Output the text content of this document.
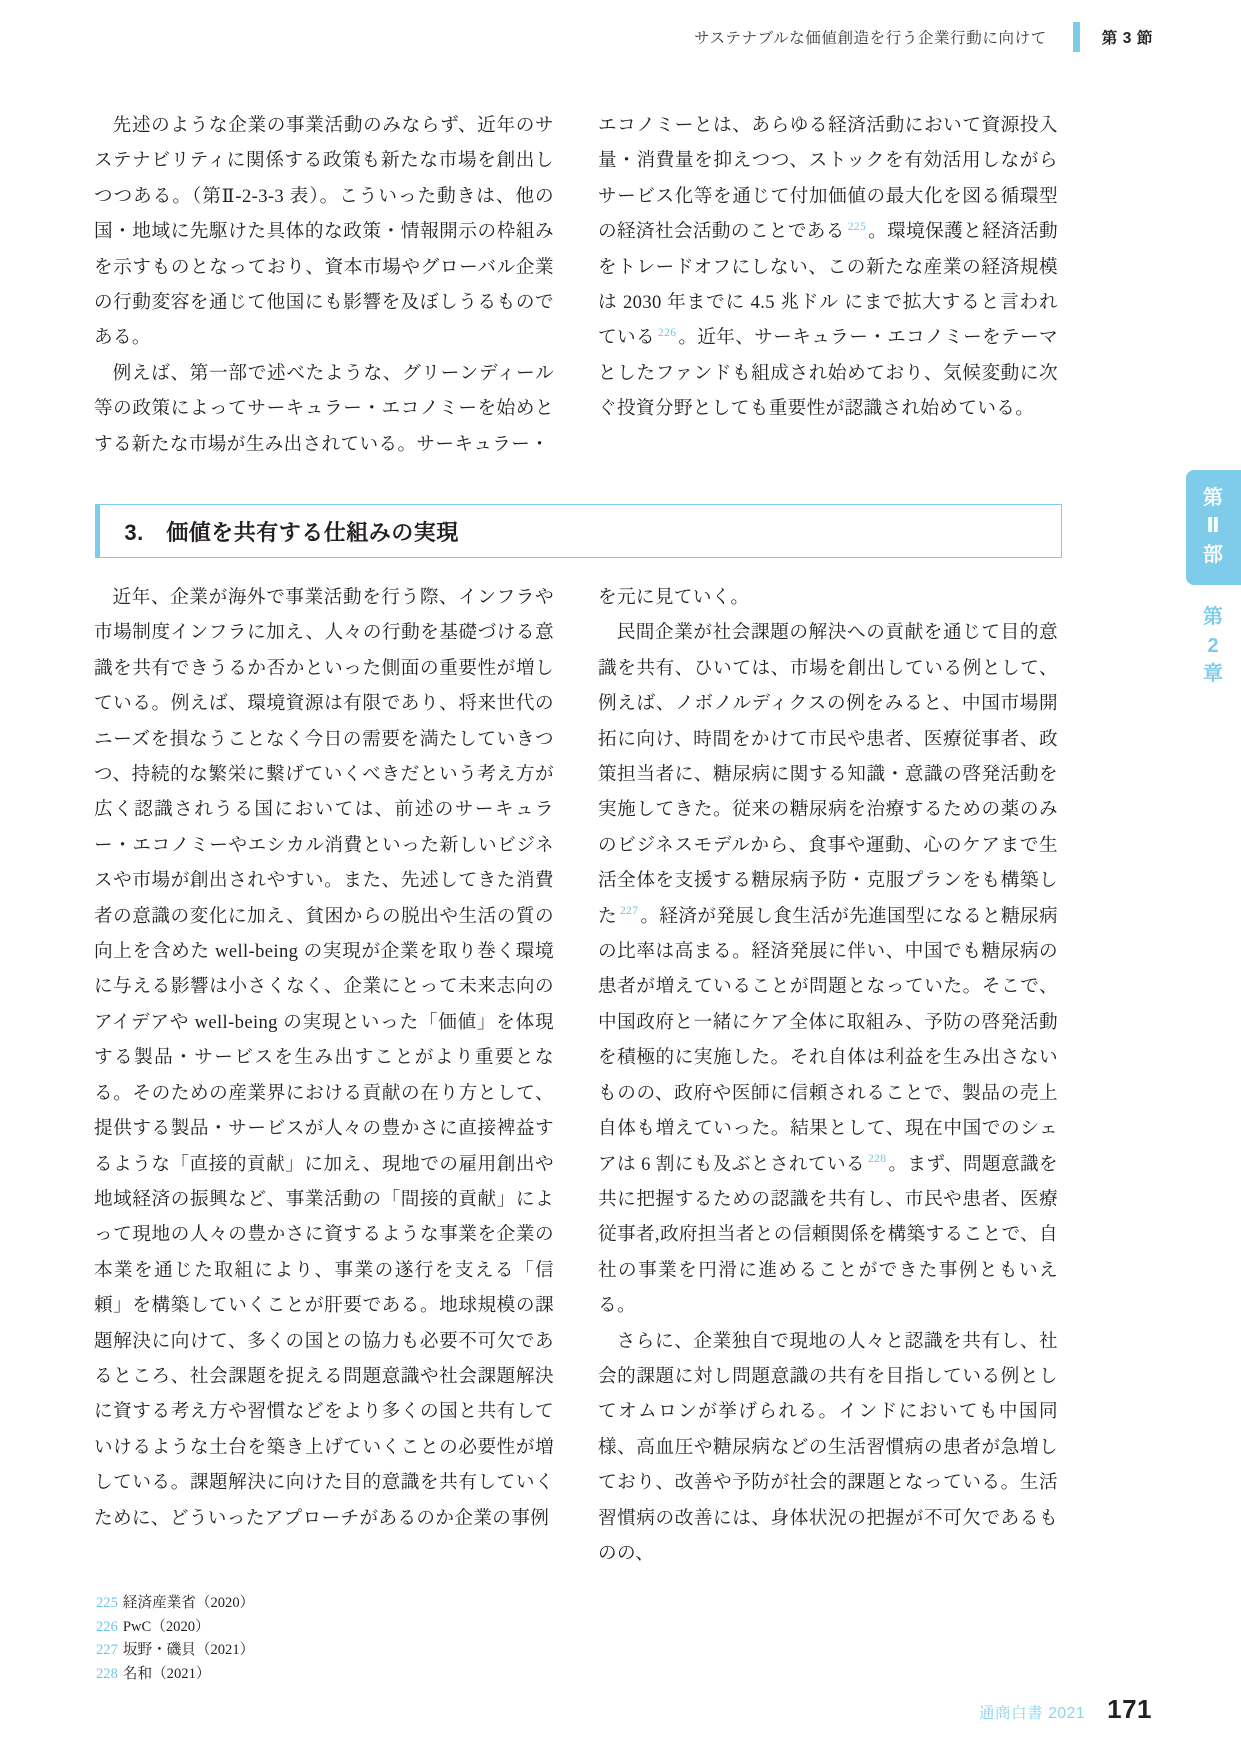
サステナブルな価値創造を行う企業行動に向けて	第 3 節

先述のような企業の事業活動のみならず、近年のサステナビリティに関係する政策も新たな市場を創出しつつある。（第Ⅱ-2-3-3 表）。こういった動きは、他の国・地域に先駆けた具体的な政策・情報開示の枠組みを示すものとなっており、資本市場やグローバル企業の行動変容を通じて他国にも影響を及ぼしうるものである。

例えば、第一部で述べたような、グリーンディール等の政策によってサーキュラー・エコノミーを始めとする新たな市場が生み出されている。サーキュラー・

エコノミーとは、あらゆる経済活動において資源投入量・消費量を抑えつつ、ストックを有効活用しながらサービス化等を通じて付加価値の最大化を図る循環型の経済社会活動のことである $^{225}$ 。環境保護と経済活動をトレードオフにしない、この新たな産業の経済規模は 2030 年までに 4.5 兆ドル にまで拡大すると言われている $^{226}$ 。近年、サーキュラー・エコノミーをテーマとしたファンドも組成され始めており、気候変動に次ぐ投資分野としても重要性が認識され始めている。

3.　価値を共有する仕組みの実現

近年、企業が海外で事業活動を行う際、インフラや市場制度インフラに加え、人々の行動を基礎づける意識を共有できうるか否かといった側面の重要性が増している。例えば、環境資源は有限であり、将来世代のニーズを損なうことなく今日の需要を満たしていきつつ、持続的な繁栄に繋げていくべきだという考え方が広く認識されうる国においては、前述のサーキュラー・エコノミーやエシカル消費といった新しいビジネスや市場が創出されやすい。また、先述してきた消費者の意識の変化に加え、貧困からの脱出や生活の質の向上を含めた well-being の実現が企業を取り巻く環境に与える影響は小さくなく、企業にとって未来志向のアイデアや well-being の実現といった「価値」を体現する製品・サービスを生み出すことがより重要となる。そのための産業界における貢献の在り方として、提供する製品・サービスが人々の豊かさに直接裨益するような「直接的貢献」に加え、現地での雇用創出や地域経済の振興など、事業活動の「間接的貢献」によって現地の人々の豊かさに資するような事業を企業の本業を通じた取組により、事業の遂行を支える「信頼」を構築していくことが肝要である。地球規模の課題解決に向けて、多くの国との協力も必要不可欠であるところ、社会課題を捉える問題意識や社会課題解決に資する考え方や習慣などをより多くの国と共有していけるような土台を築き上げていくことの必要性が増している。課題解決に向けた目的意識を共有していくために、どういったアプローチがあるのか企業の事例

を元に見ていく。

民間企業が社会課題の解決への貢献を通じて目的意識を共有、ひいては、市場を創出している例として、例えば、ノボノルディクスの例をみると、中国市場開拓に向け、時間をかけて市民や患者、医療従事者、政策担当者に、糖尿病に関する知識・意識の啓発活動を実施してきた。従来の糖尿病を治療するための薬のみのビジネスモデルから、食事や運動、心のケアまで生活全体を支援する糖尿病予防・克服プランをも構築した $^{227}$ 。経済が発展し食生活が先進国型になると糖尿病の比率は高まる。経済発展に伴い、中国でも糖尿病の患者が増えていることが問題となっていた。そこで、中国政府と一緒にケア全体に取組み、予防の啓発活動を積極的に実施した。それ自体は利益を生み出さないものの、政府や医師に信頼されることで、製品の売上自体も増えていった。結果として、現在中国でのシェアは 6 割にも及ぶとされている $^{228}$ 。まず、問題意識を共に把握するための認識を共有し、市民や患者、医療従事者,政府担当者との信頼関係を構築することで、自社の事業を円滑に進めることができた事例ともいえる。

さらに、企業独自で現地の人々と認識を共有し、社会的課題に対し問題意識の共有を目指している例としてオムロンが挙げられる。インドにおいても中国同様、高血圧や糖尿病などの生活習慣病の患者が急増しており、改善や予防が社会的課題となっている。生活習慣病の改善には、身体状況の把握が不可欠であるものの、

第
Ⅱ
部
第
2
章
225 経済産業省（2020）
226 PwC（2020）
227 坂野・磯貝（2021）
228 名和（2021）
通商白書 2021 171
